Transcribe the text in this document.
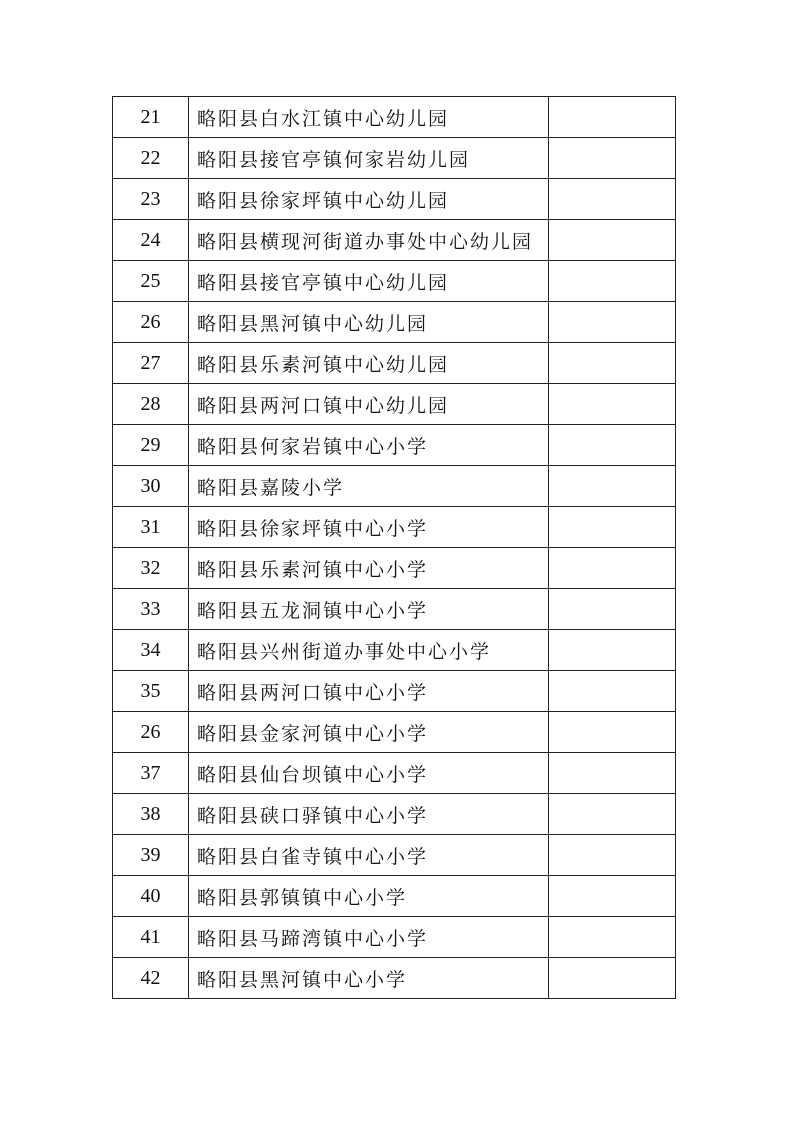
21	略阳县白水江镇中心幼儿园	
22	略阳县接官亭镇何家岩幼儿园	
23	略阳县徐家坪镇中心幼儿园	
24	略阳县横现河街道办事处中心幼儿园	
25	略阳县接官亭镇中心幼儿园	
26	略阳县黑河镇中心幼儿园	
27	略阳县乐素河镇中心幼儿园	
28	略阳县两河口镇中心幼儿园	
29	略阳县何家岩镇中心小学	
30	略阳县嘉陵小学	
31	略阳县徐家坪镇中心小学	
32	略阳县乐素河镇中心小学	
33	略阳县五龙洞镇中心小学	
34	略阳县兴州街道办事处中心小学	
35	略阳县两河口镇中心小学	
26	略阳县金家河镇中心小学	
37	略阳县仙台坝镇中心小学	
38	略阳县硖口驿镇中心小学	
39	略阳县白雀寺镇中心小学	
40	略阳县郭镇镇中心小学	
41	略阳县马蹄湾镇中心小学	
42	略阳县黑河镇中心小学	
